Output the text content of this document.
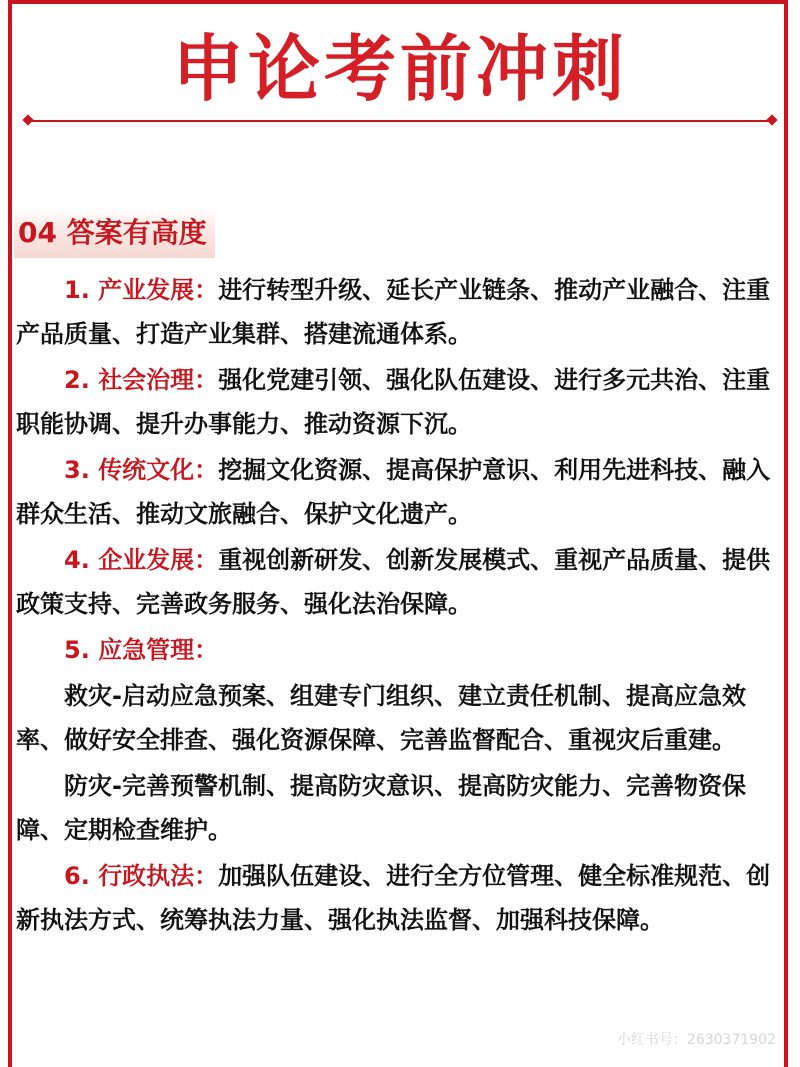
申论考前冲刺
04 答案有高度

1. 产业发展：进行转型升级、延长产业链条、推动产业融合、注重产品质量、打造产业集群、搭建流通体系。

2. 社会治理：强化党建引领、强化队伍建设、进行多元共治、注重职能协调、提升办事能力、推动资源下沉。

3. 传统文化：挖掘文化资源、提高保护意识、利用先进科技、融入群众生活、推动文旅融合、保护文化遗产。

4. 企业发展：重视创新研发、创新发展模式、重视产品质量、提供政策支持、完善政务服务、强化法治保障。

5. 应急管理：

救灾-启动应急预案、组建专门组织、建立责任机制、提高应急效率、做好安全排查、强化资源保障、完善监督配合、重视灾后重建。

防灾-完善预警机制、提高防灾意识、提高防灾能力、完善物资保障、定期检查维护。

6. 行政执法：加强队伍建设、进行全方位管理、健全标准规范、创新执法方式、统筹执法力量、强化执法监督、加强科技保障。

小红书号：2630371902
